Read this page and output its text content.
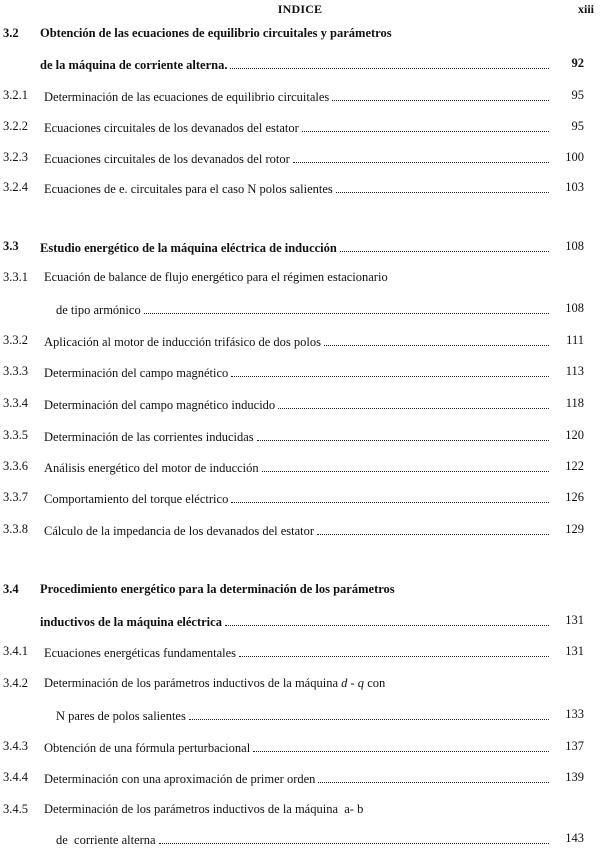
INDICE	xiii
3.2 Obtención de las ecuaciones de equilibrio circuitales y parámetros
de la máquina de corriente alterna.	92
3.2.1 Determinación de las ecuaciones de equilibrio circuitales	95
3.2.2 Ecuaciones circuitales de los devanados del estator	95
3.2.3 Ecuaciones circuitales de los devanados del rotor	100
3.2.4 Ecuaciones de e. circuitales para el caso N polos salientes	103
3.3 Estudio energético de la máquina eléctrica de inducción	108
3.3.1 Ecuación de balance de flujo energético para el régimen estacionario
de tipo armónico	108
3.3.2 Aplicación al motor de inducción trifásico de dos polos	111
3.3.3 Determinación del campo magnético	113
3.3.4 Determinación del campo magnético inducido	118
3.3.5 Determinación de las corrientes inducidas	120
3.3.6 Análisis energético del motor de inducción	122
3.3.7 Comportamiento del torque eléctrico	126
3.3.8 Cálculo de la impedancia de los devanados del estator	129
3.4 Procedimiento energético para la determinación de los parámetros
inductivos de la máquina eléctrica	131
3.4.1 Ecuaciones energéticas fundamentales	131
3.4.2 Determinación de los parámetros inductivos de la máquina d - q con
N pares de polos salientes	133
3.4.3 Obtención de una fórmula perturbacional	137
3.4.4 Determinación con una aproximación de primer orden	139
3.4.5 Determinación de los parámetros inductivos de la máquina  a- b
de  corriente alterna	143
